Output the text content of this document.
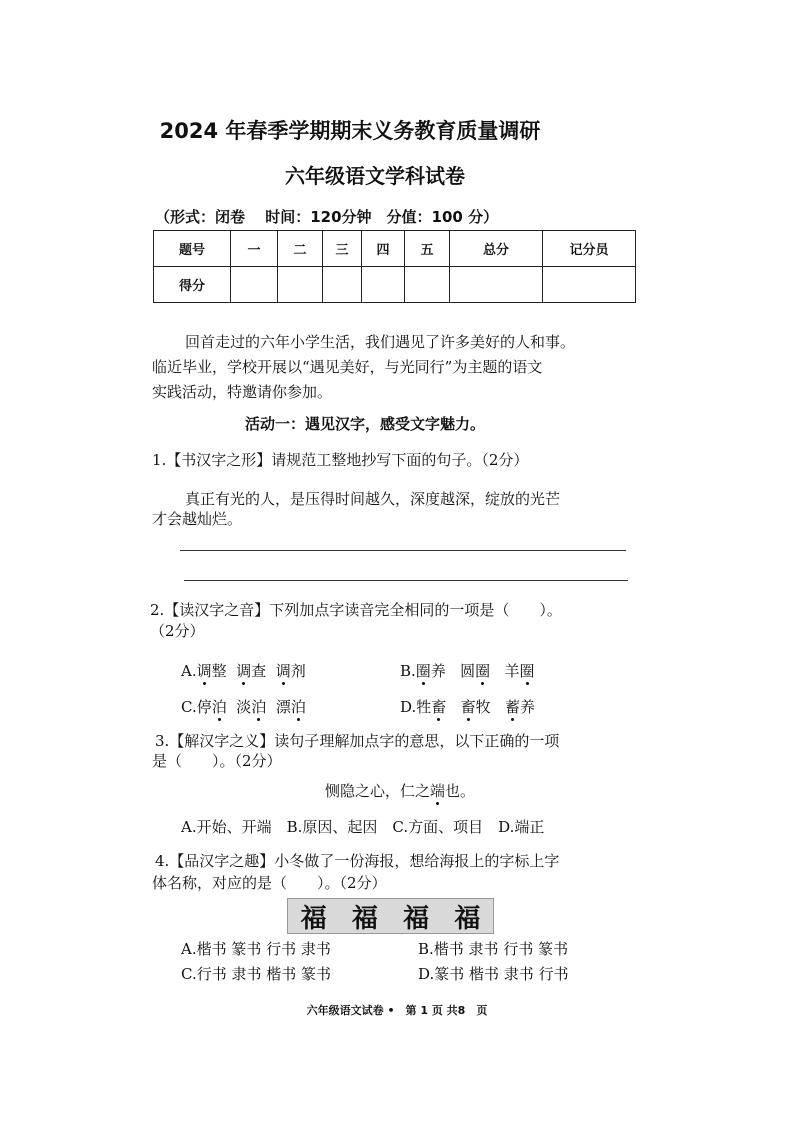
2024 年春季学期期末义务教育质量调研
六年级语文学科试卷
（形式：闭卷　 时间：120分钟　分值：100 分）
题号	一	二	三	四	五	总分	记分员
得分							
回首走过的六年小学生活，我们遇见了许多美好的人和事。
临近毕业，学校开展以“遇见美好，与光同行”为主题的语文
实践活动，特邀请你参加。
活动一：遇见汉字，感受文字魅力。
1.【书汉字之形】请规范工整地抄写下面的句子。（2分）
真正有光的人，是压得时间越久，深度越深，绽放的光芒
才会越灿烂。
2.【读汉字之音】下列加点字读音完全相同的一项是（　　）。
（2分）
A.调整 调查 调剂	B.圈养 圆圈 羊圈
C.停泊 淡泊 漂泊	D.牲畜 畜牧 蓄养
3.【解汉字之义】读句子理解加点字的意思，以下正确的一项
是（　　）。（2分）
恻隐之心，仁之端也。
A.开始、开端　B.原因、起因　C.方面、项目　D.端正
4.【品汉字之趣】小冬做了一份海报，想给海报上的字标上字
体名称，对应的是（　　）。（2分）
福 福 福 福
A.楷书 篆书 行书 隶书	B.楷书 隶书 行书 篆书
C.行书 隶书 楷书 篆书	D.篆书 楷书 隶书 行书
六年级语文试卷 •　第 1 页 共8　页
